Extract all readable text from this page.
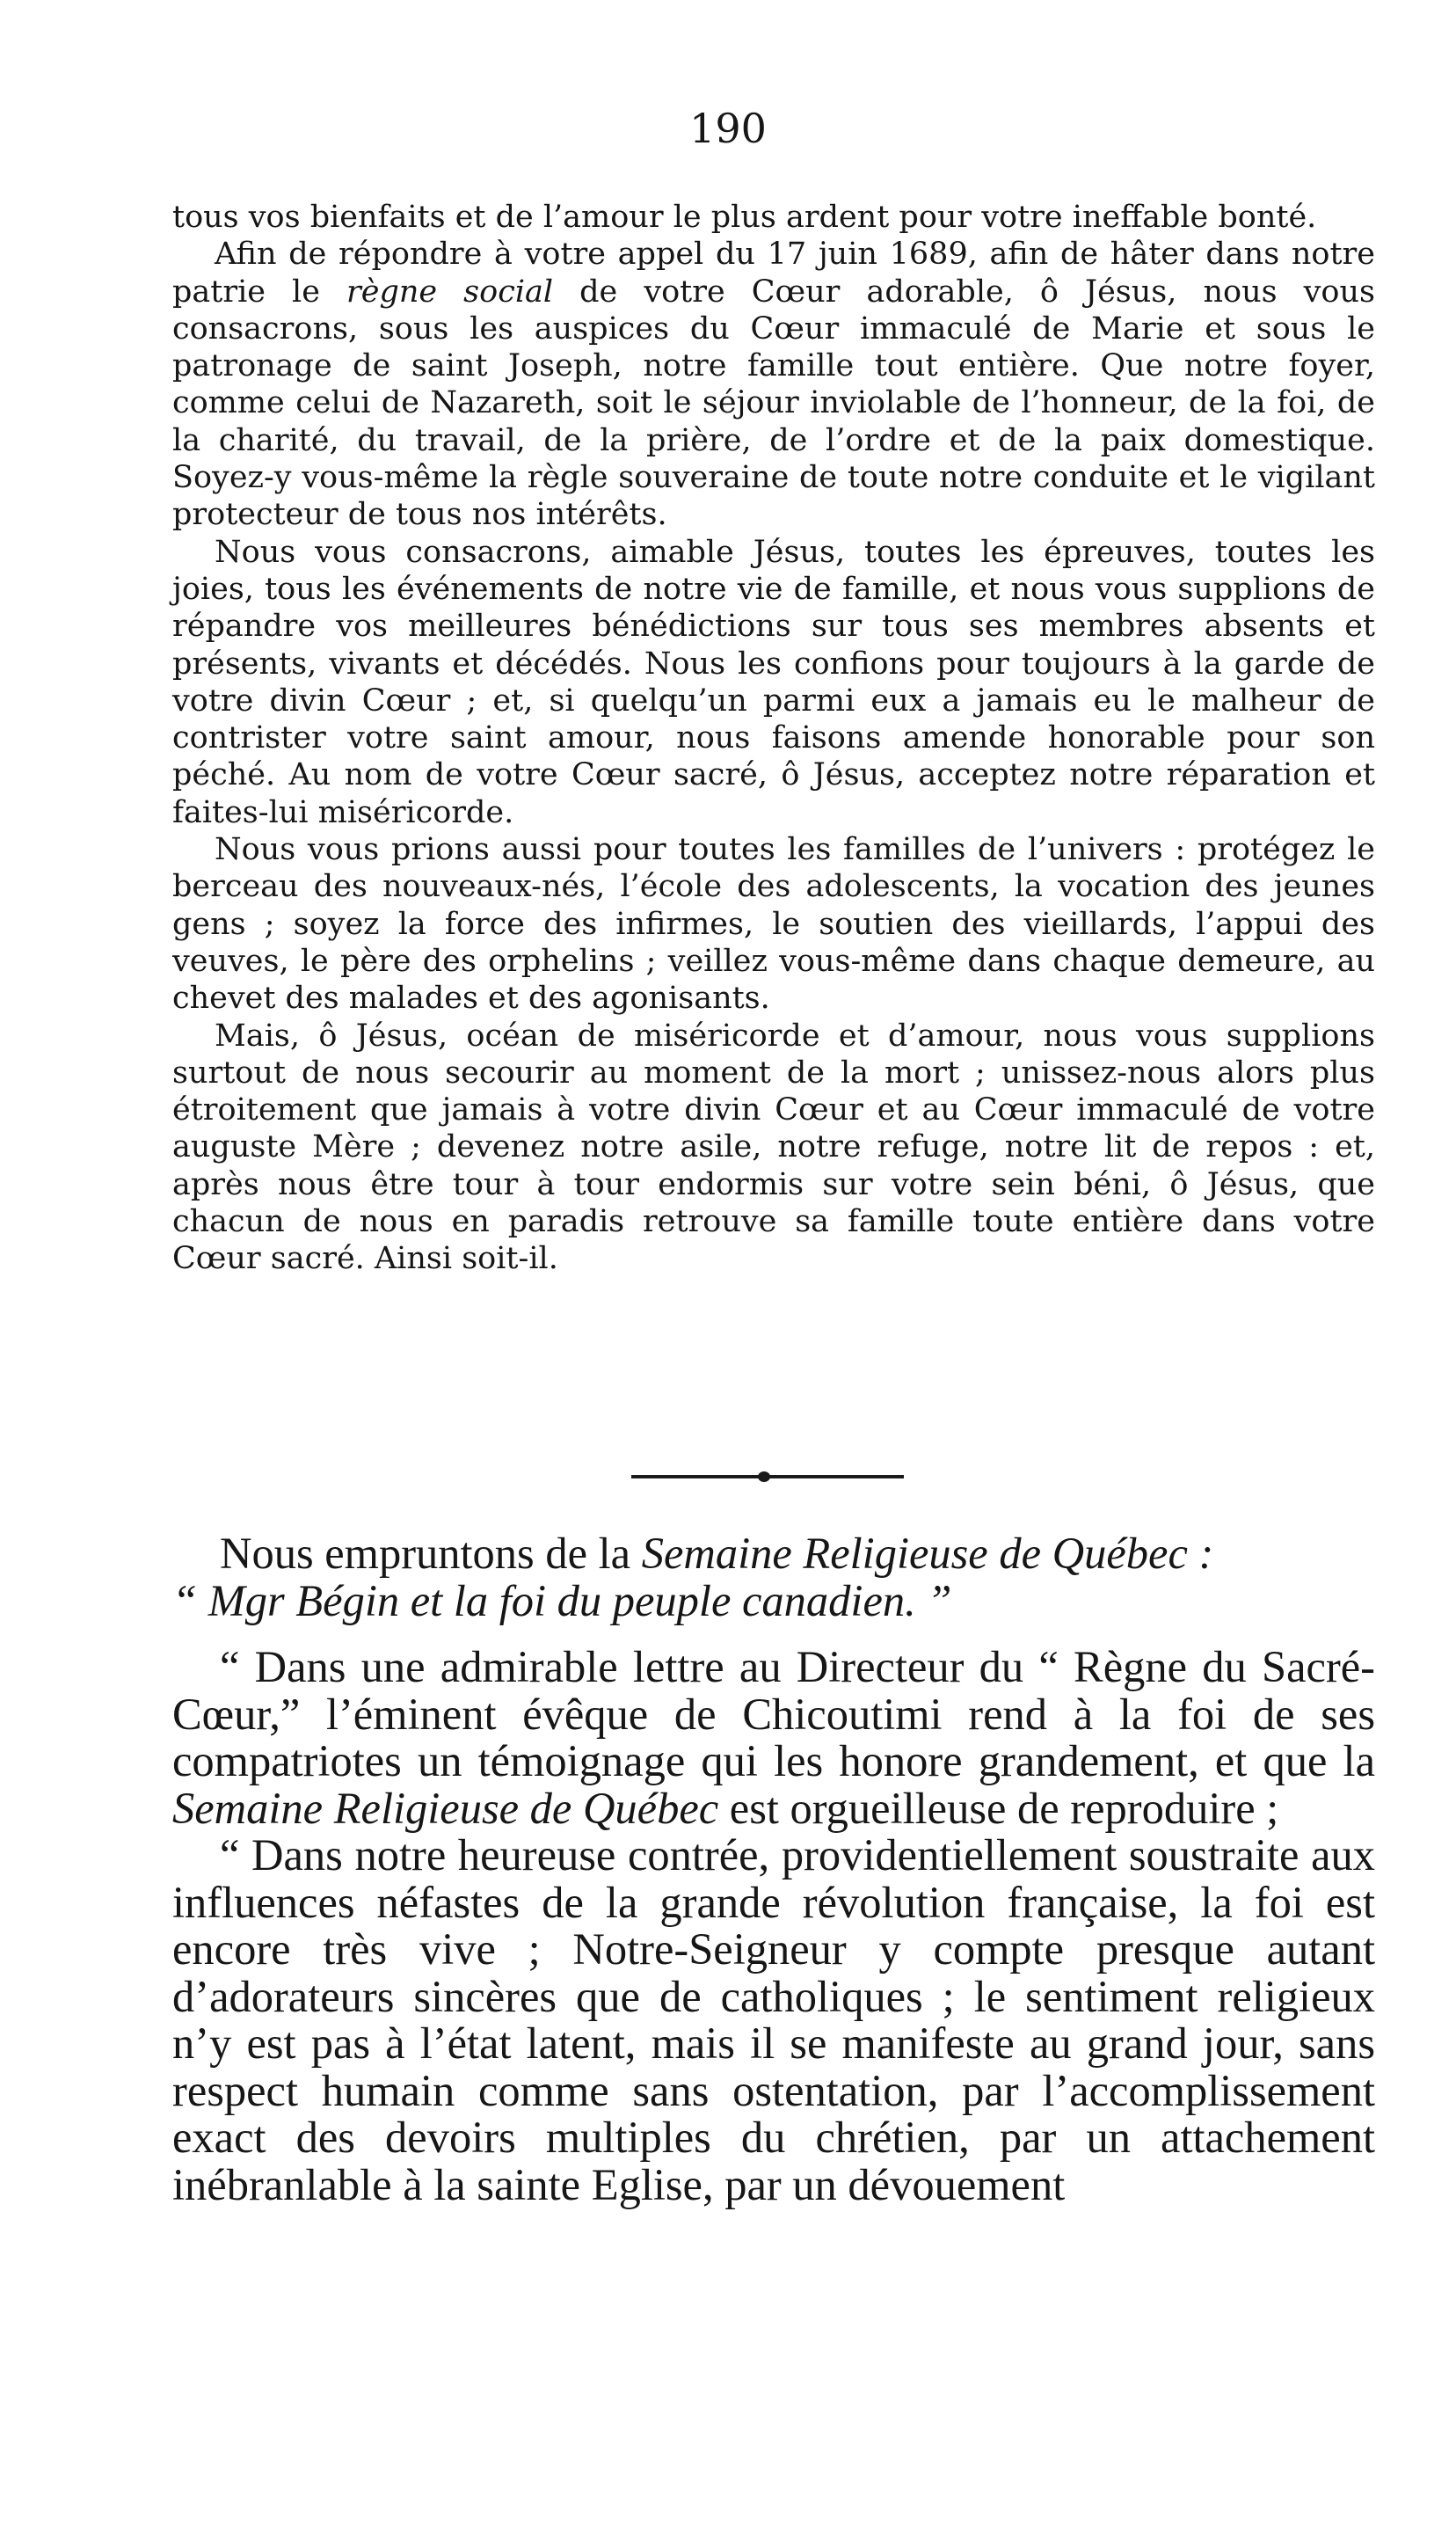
190

tous vos bienfaits et de l’amour le plus ardent pour votre ineffable bonté.

Afin de répondre à votre appel du 17 juin 1689, afin de hâter dans notre patrie le règne social de votre Cœur adorable, ô Jésus, nous vous consacrons, sous les auspices du Cœur immaculé de Marie et sous le patronage de saint Joseph, notre famille tout entière. Que notre foyer, comme celui de Nazareth, soit le séjour inviolable de l’honneur, de la foi, de la charité, du travail, de la prière, de l’ordre et de la paix domestique. Soyez-y vous-même la règle souveraine de toute notre conduite et le vigilant protecteur de tous nos intérêts.

Nous vous consacrons, aimable Jésus, toutes les épreuves, toutes les joies, tous les événements de notre vie de famille, et nous vous supplions de répandre vos meilleures bénédictions sur tous ses membres absents et présents, vivants et décédés. Nous les confions pour toujours à la garde de votre divin Cœur ; et, si quelqu’un parmi eux a jamais eu le malheur de contrister votre saint amour, nous faisons amende honorable pour son péché. Au nom de votre Cœur sacré, ô Jésus, acceptez notre réparation et faites-lui miséricorde.

Nous vous prions aussi pour toutes les familles de l’univers : protégez le berceau des nouveaux-nés, l’école des adolescents, la vocation des jeunes gens ; soyez la force des infirmes, le soutien des vieillards, l’appui des veuves, le père des orphelins ; veillez vous-même dans chaque demeure, au chevet des malades et des agonisants.

Mais, ô Jésus, océan de miséricorde et d’amour, nous vous supplions surtout de nous secourir au moment de la mort ; unissez-nous alors plus étroitement que jamais à votre divin Cœur et au Cœur immaculé de votre auguste Mère ; devenez notre asile, notre refuge, notre lit de repos : et, après nous être tour à tour endormis sur votre sein béni, ô Jésus, que chacun de nous en paradis retrouve sa famille toute entière dans votre Cœur sacré. Ainsi soit-il.

Nous empruntons de la Semaine Religieuse de Québec :

“ Mgr Bégin et la foi du peuple canadien. ”

“ Dans une admirable lettre au Directeur du “ Règne du Sacré-Cœur,” l’éminent évêque de Chicoutimi rend à la foi de ses compatriotes un témoignage qui les honore grandement, et que la Semaine Religieuse de Québec est orgueilleuse de reproduire ;

“ Dans notre heureuse contrée, providentiellement soustraite aux influences néfastes de la grande révolution française, la foi est encore très vive ; Notre-Seigneur y compte presque autant d’adorateurs sincères que de catholiques ; le sentiment religieux n’y est pas à l’état latent, mais il se manifeste au grand jour, sans respect humain comme sans ostentation, par l’accomplissement exact des devoirs multiples du chrétien, par un attachement inébranlable à la sainte Eglise, par un dévouement
